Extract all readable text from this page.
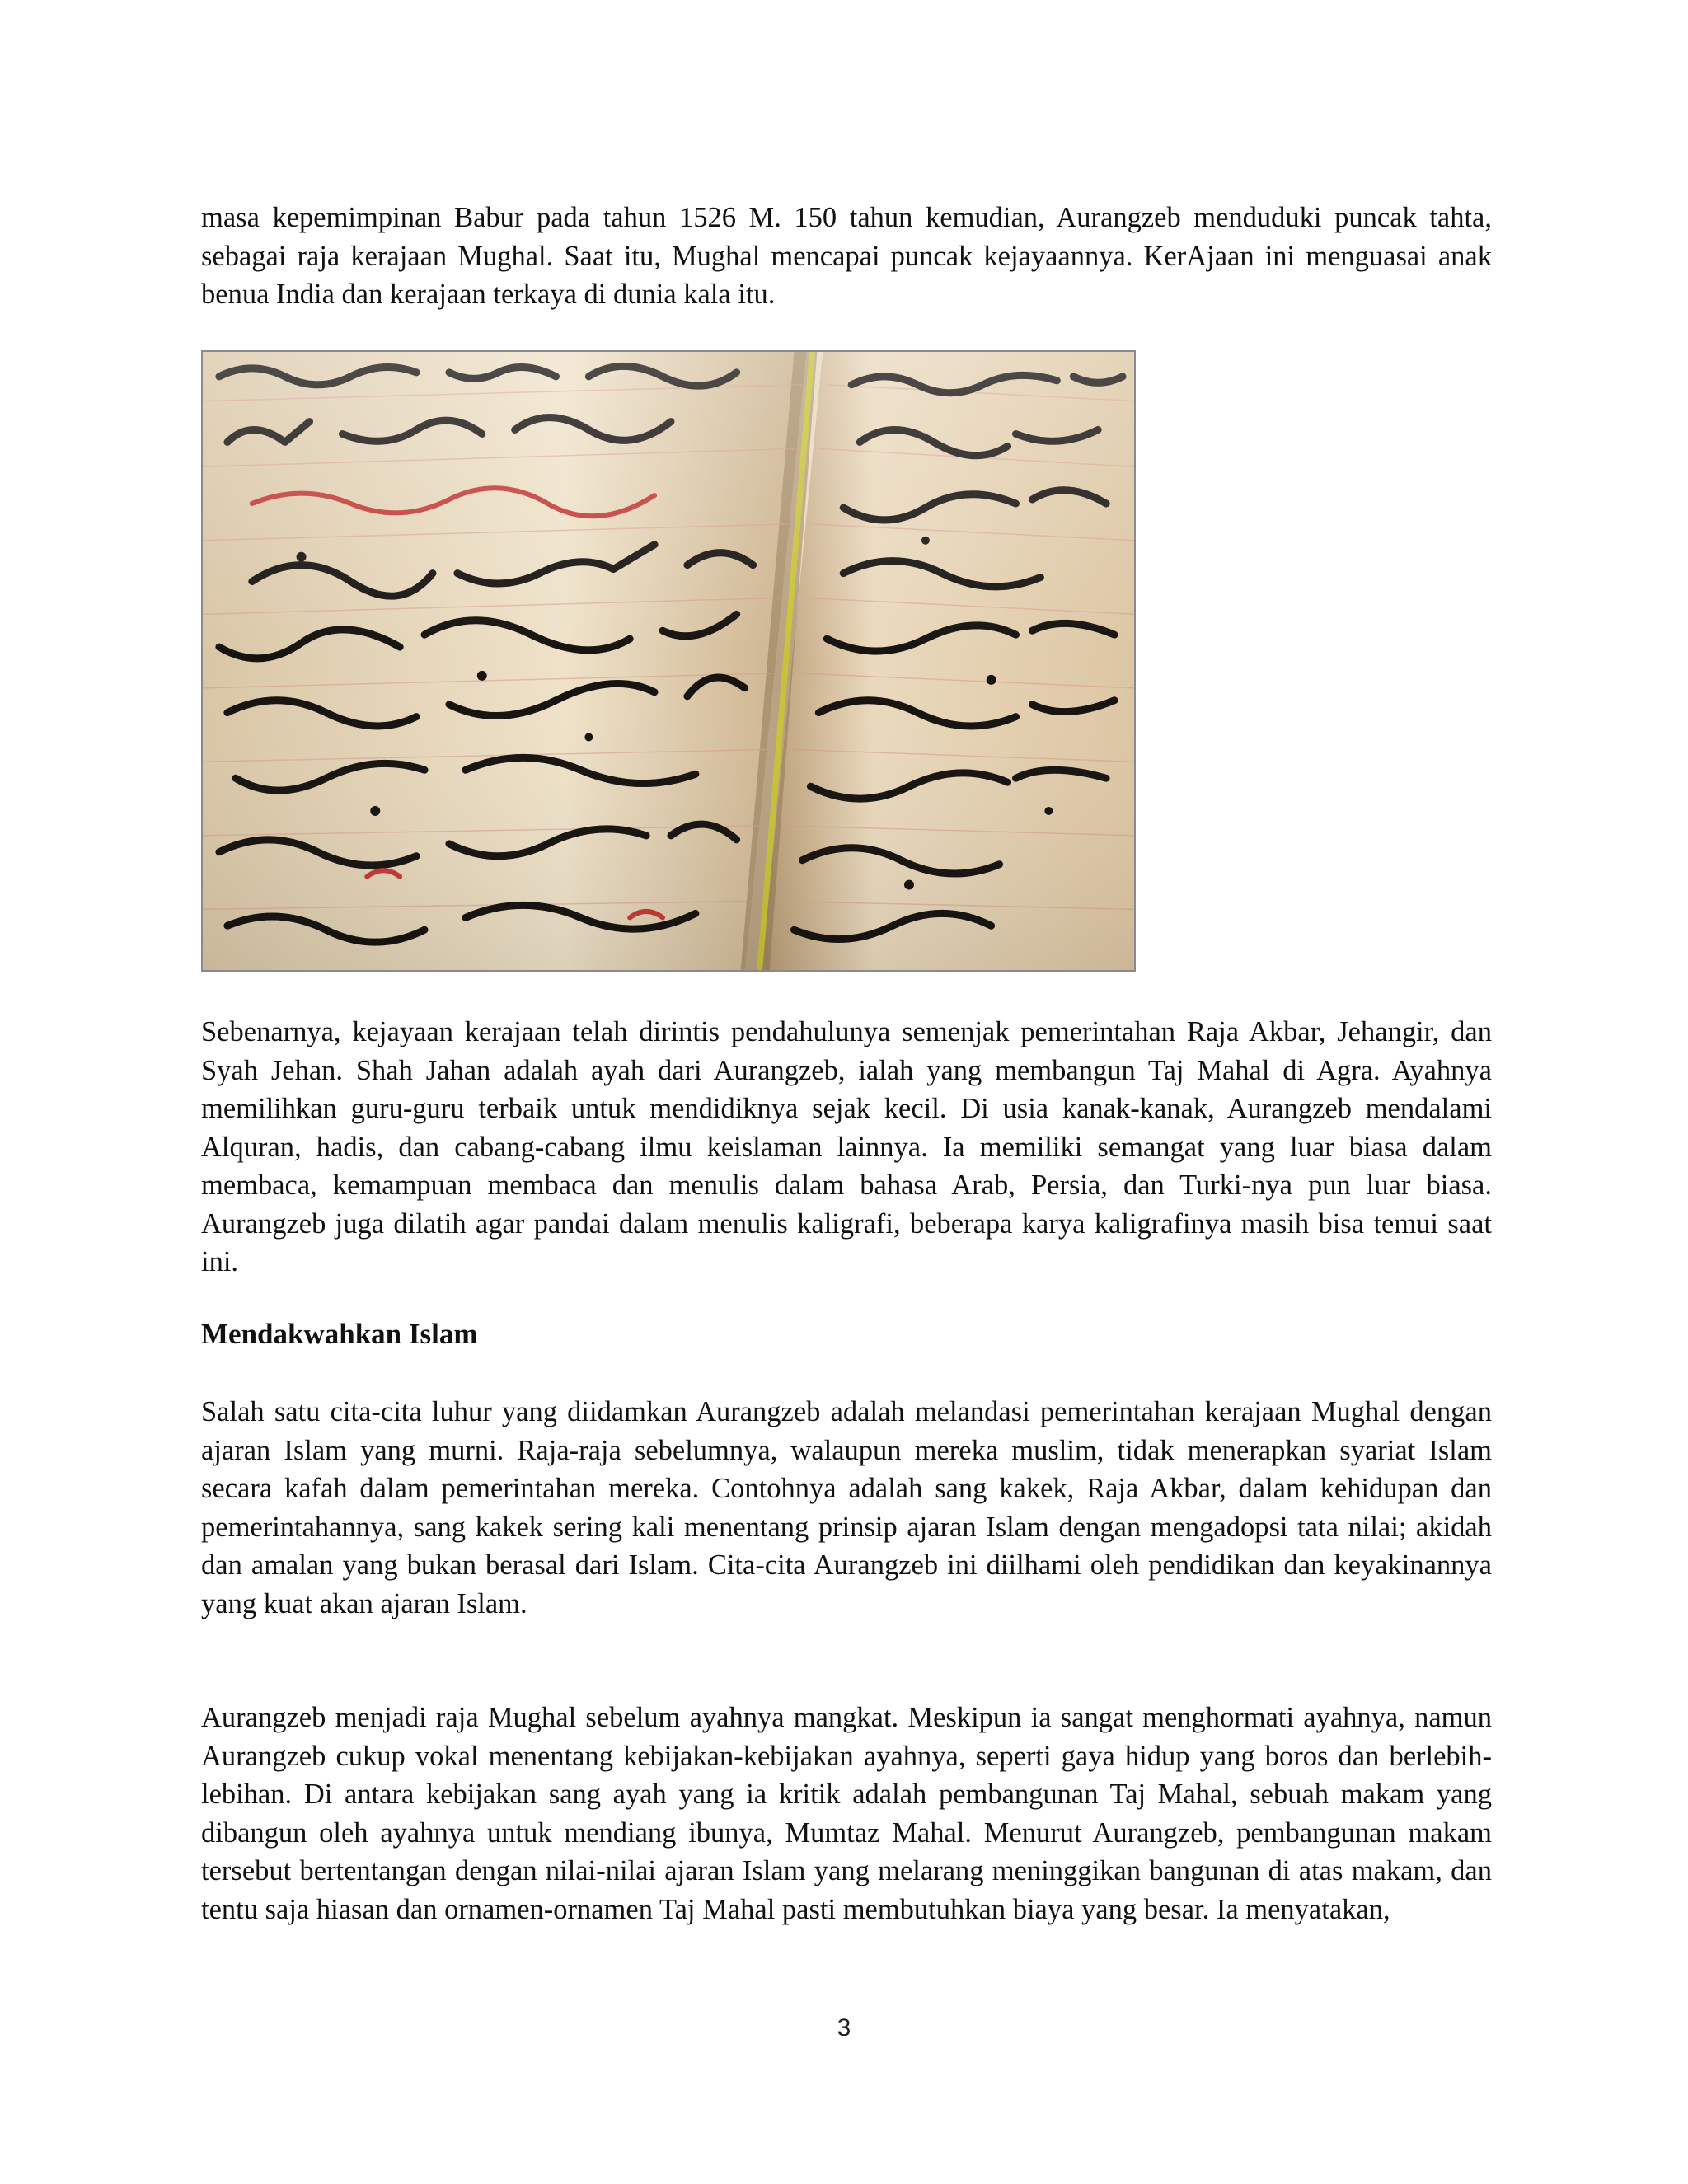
masa kepemimpinan Babur pada tahun 1526 M. 150 tahun kemudian, Aurangzeb menduduki puncak tahta, sebagai raja kerajaan Mughal. Saat itu, Mughal mencapai puncak kejayaannya. KerAjaan ini menguasai anak benua India dan kerajaan terkaya di dunia kala itu.

Sebenarnya, kejayaan kerajaan telah dirintis pendahulunya semenjak pemerintahan Raja Akbar, Jehangir, dan Syah Jehan. Shah Jahan adalah ayah dari Aurangzeb, ialah yang membangun Taj Mahal di Agra. Ayahnya memilihkan guru-guru terbaik untuk mendidiknya sejak kecil. Di usia kanak-kanak, Aurangzeb mendalami Alquran, hadis, dan cabang-cabang ilmu keislaman lainnya. Ia memiliki semangat yang luar biasa dalam membaca, kemampuan membaca dan menulis dalam bahasa Arab, Persia, dan Turki-nya pun luar biasa. Aurangzeb juga dilatih agar pandai dalam menulis kaligrafi, beberapa karya kaligrafinya masih bisa temui saat ini.

Mendakwahkan Islam

Salah satu cita-cita luhur yang diidamkan Aurangzeb adalah melandasi pemerintahan kerajaan Mughal dengan ajaran Islam yang murni. Raja-raja sebelumnya, walaupun mereka muslim, tidak menerapkan syariat Islam secara kafah dalam pemerintahan mereka. Contohnya adalah sang kakek, Raja Akbar, dalam kehidupan dan pemerintahannya, sang kakek sering kali menentang prinsip ajaran Islam dengan mengadopsi tata nilai; akidah dan amalan yang bukan berasal dari Islam. Cita-cita Aurangzeb ini diilhami oleh pendidikan dan keyakinannya yang kuat akan ajaran Islam.

Aurangzeb menjadi raja Mughal sebelum ayahnya mangkat. Meskipun ia sangat menghormati ayahnya, namun Aurangzeb cukup vokal menentang kebijakan-kebijakan ayahnya, seperti gaya hidup yang boros dan berlebih-lebihan. Di antara kebijakan sang ayah yang ia kritik adalah pembangunan Taj Mahal, sebuah makam yang dibangun oleh ayahnya untuk mendiang ibunya, Mumtaz Mahal. Menurut Aurangzeb, pembangunan makam tersebut bertentangan dengan nilai-nilai ajaran Islam yang melarang meninggikan bangunan di atas makam, dan tentu saja hiasan dan ornamen-ornamen Taj Mahal pasti membutuhkan biaya yang besar. Ia menyatakan,

3
